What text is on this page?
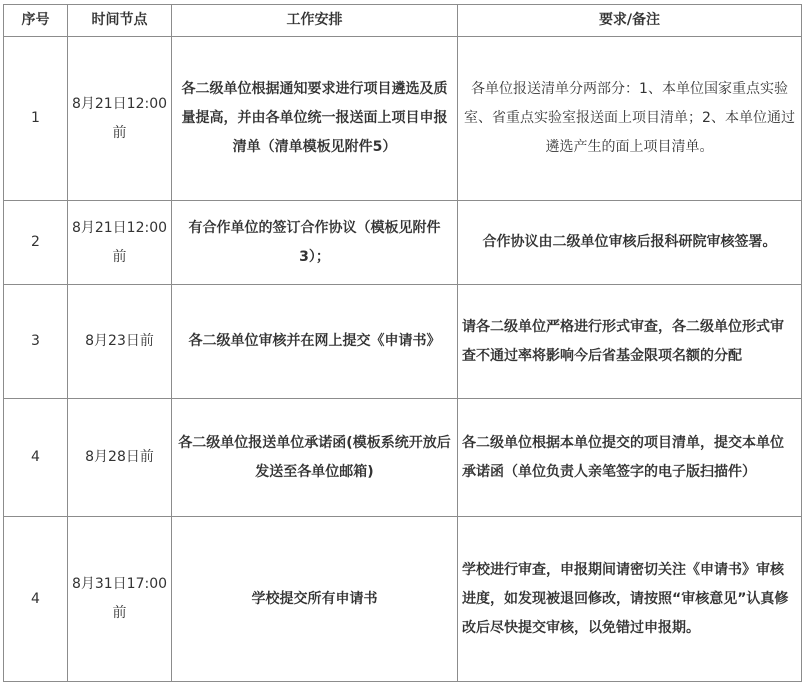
序号	时间节点	工作安排	要求/备注
1	8月21日12:00前	各二级单位根据通知要求进行项目遴选及质量提高，并由各单位统一报送面上项目申报清单（清单模板见附件5）	各单位报送清单分两部分：1、本单位国家重点实验室、省重点实验室报送面上项目清单；2、本单位通过遴选产生的面上项目清单。
2	8月21日12:00前	有合作单位的签订合作协议（模板见附件3）；	合作协议由二级单位审核后报科研院审核签署。
3	8月23日前	各二级单位审核并在网上提交《申请书》	请各二级单位严格进行形式审查，各二级单位形式审查不通过率将影响今后省基金限项名额的分配
4	8月28日前	各二级单位报送单位承诺函(模板系统开放后发送至各单位邮箱)	各二级单位根据本单位提交的项目清单，提交本单位承诺函（单位负责人亲笔签字的电子版扫描件）
4	8月31日17:00前	学校提交所有申请书	学校进行审查，申报期间请密切关注《申请书》审核进度，如发现被退回修改，请按照“审核意见”认真修改后尽快提交审核，以免错过申报期。
